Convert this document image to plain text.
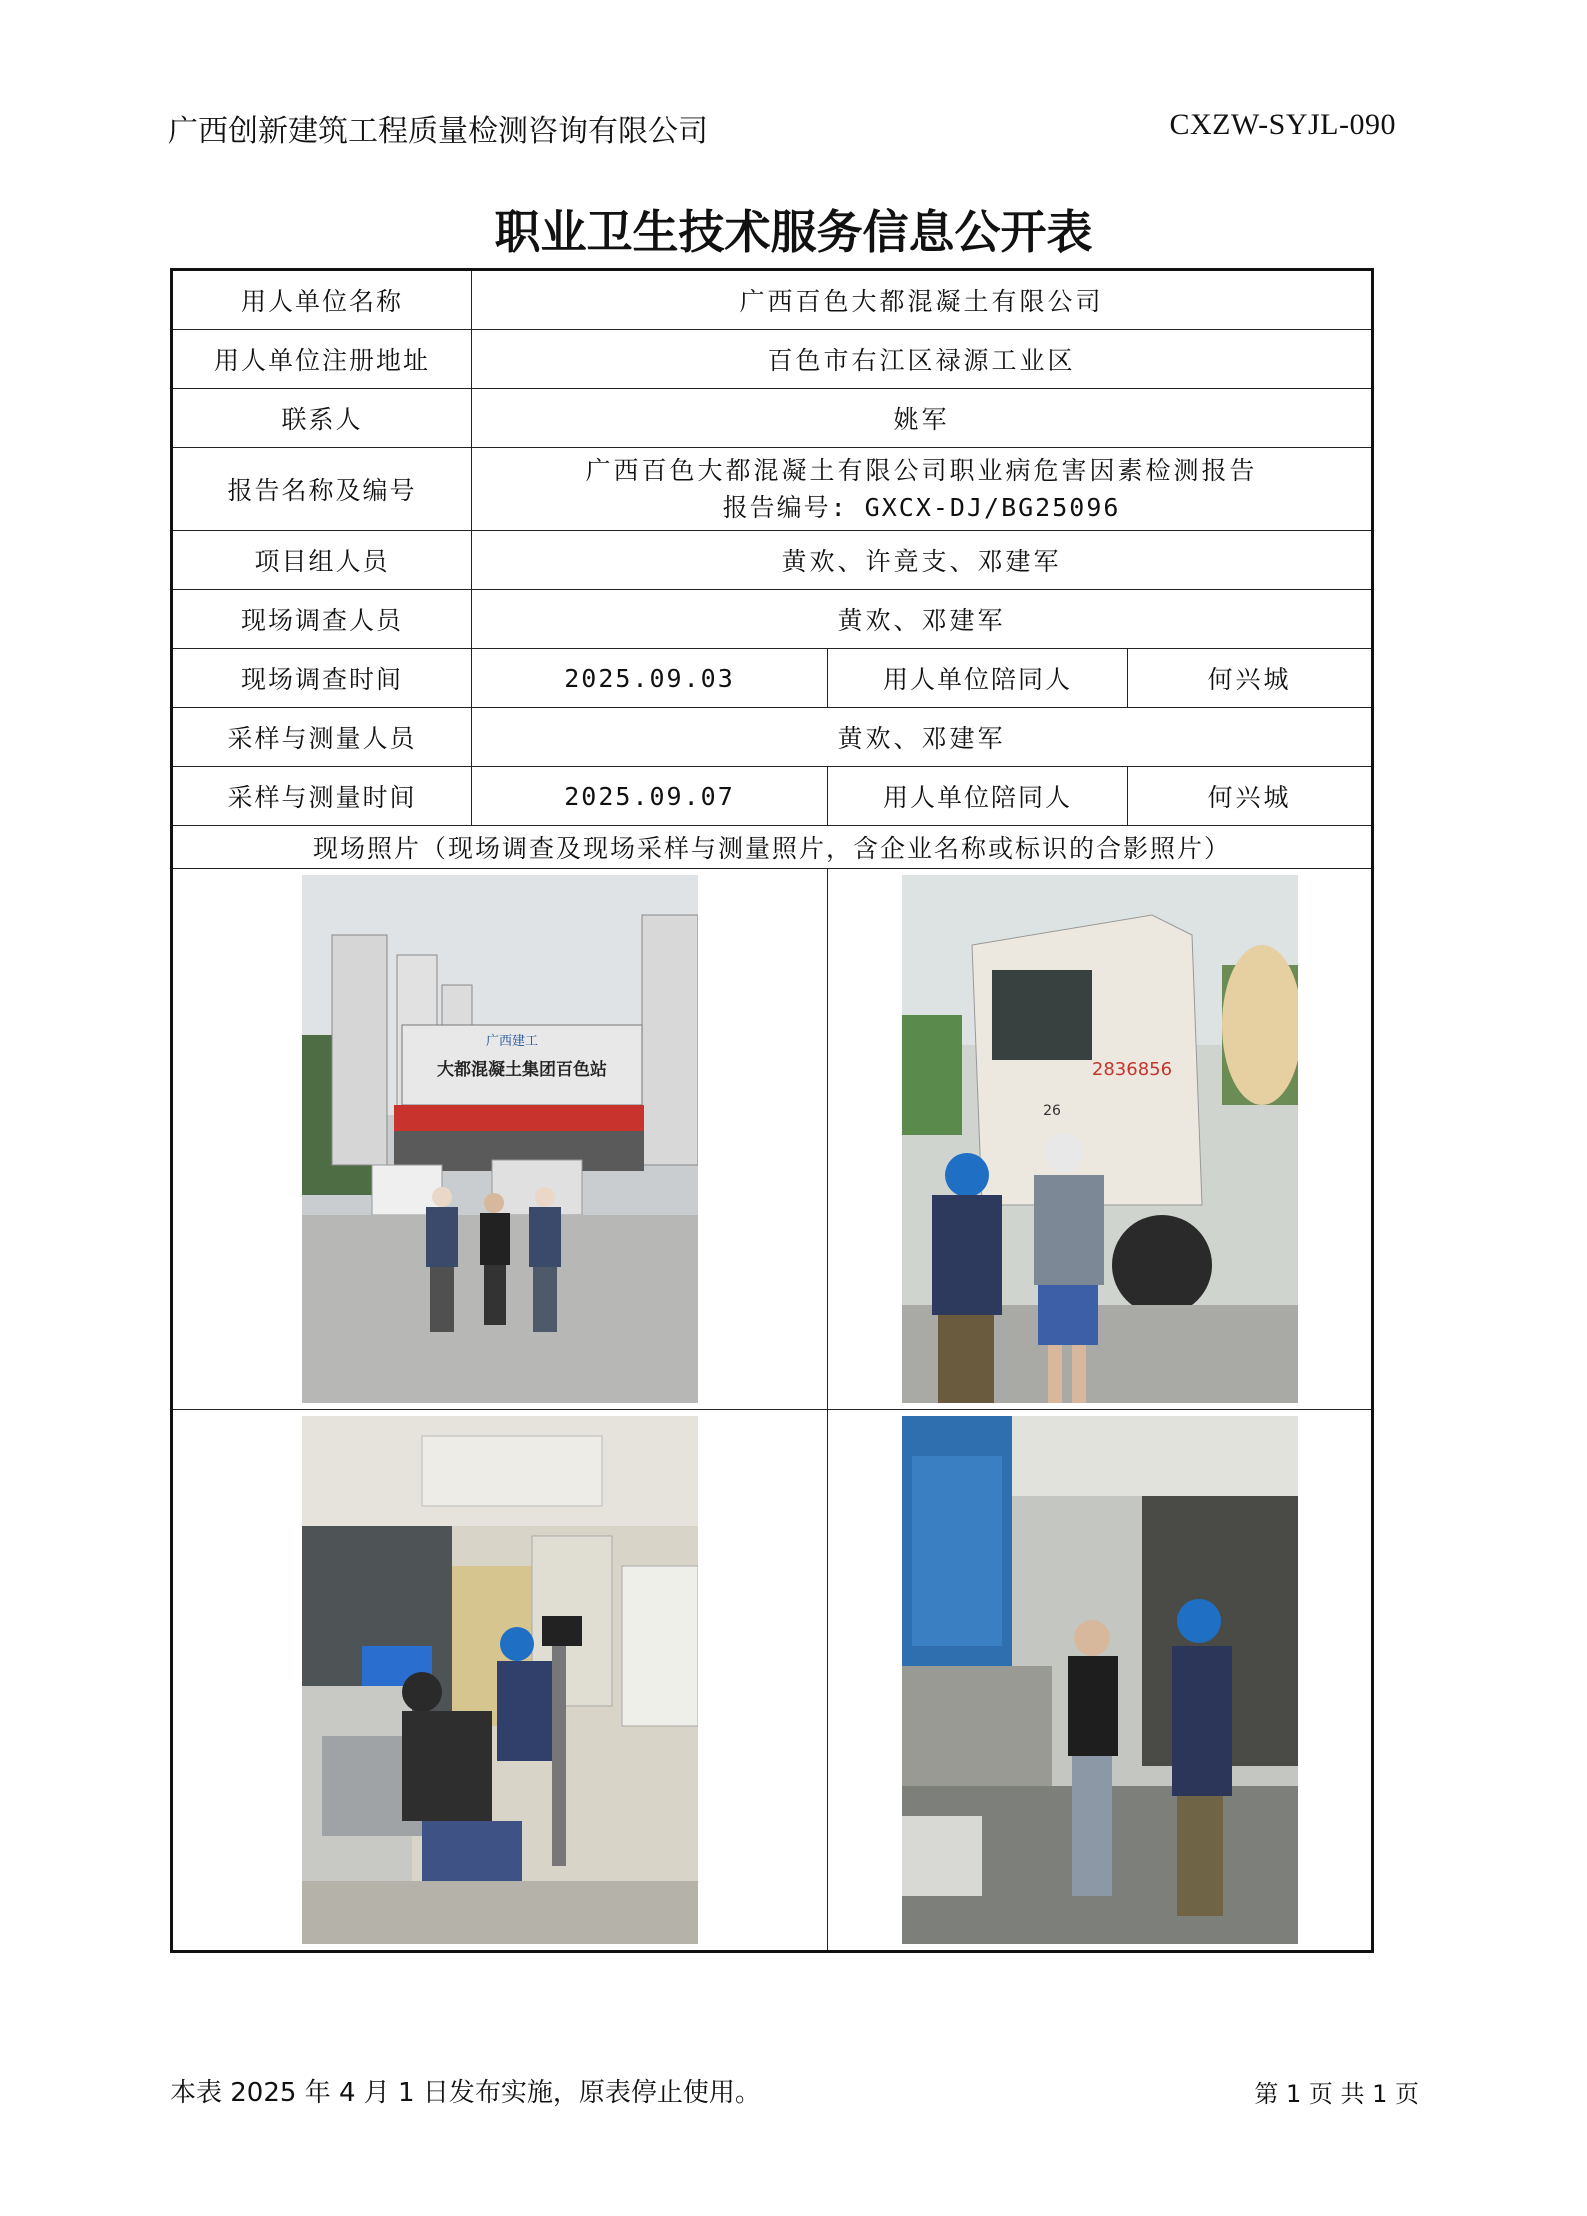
广西创新建筑工程质量检测咨询有限公司	CXZW-SYJL-090
职业卫生技术服务信息公开表
用人单位名称	广西百色大都混凝土有限公司		
用人单位注册地址	百色市右江区禄源工业区		
联系人	姚军		
报告名称及编号	广西百色大都混凝土有限公司职业病危害因素检测报告
报告编号: GXCX-DJ/BG25096		

项目组人员	黄欢、许竟支、邓建军		
现场调查人员	黄欢、邓建军		
现场调查时间	2025.09.03	用人单位陪同人	何兴城
采样与测量人员	黄欢、邓建军		
采样与测量时间	2025.09.07	用人单位陪同人	何兴城
现场照片（现场调查及现场采样与测量照片，含企业名称或标识的合影照片）			

大都混凝土集团百色站
广西建工		2836856
26	

本表 2025 年 4 月 1 日发布实施，原表停止使用。	第 1 页 共 1 页
